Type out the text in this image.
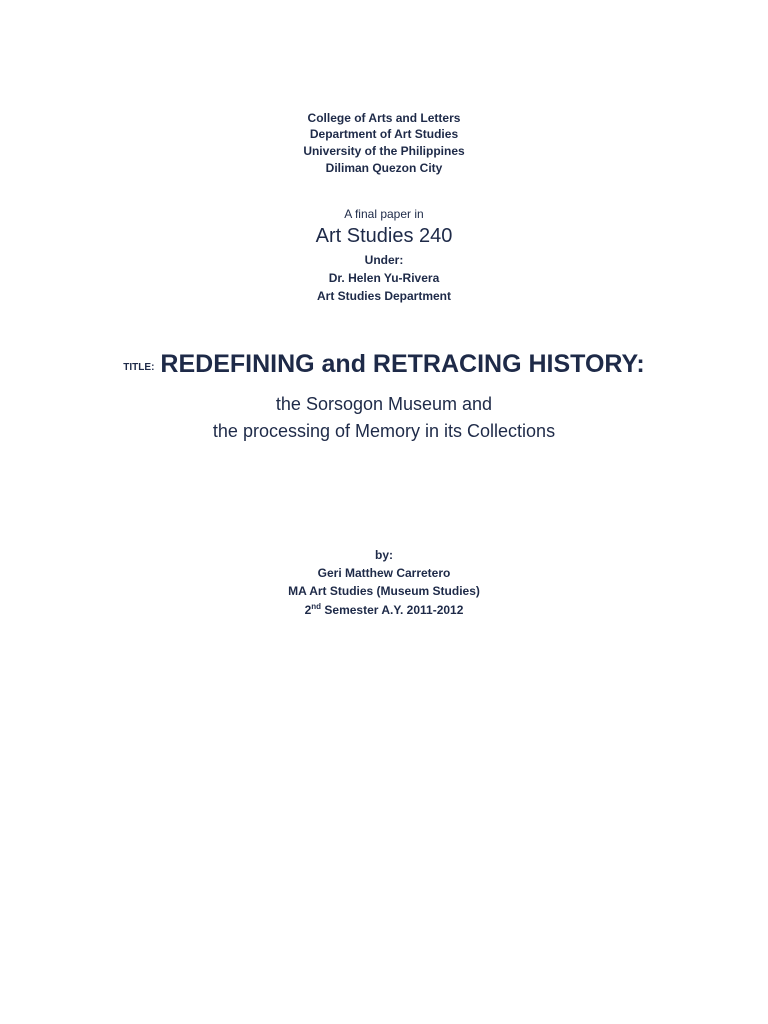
College of Arts and Letters
Department of Art Studies
University of the Philippines
Diliman Quezon City
A final paper in
Art Studies 240
Under:
Dr. Helen Yu-Rivera
Art Studies Department
TITLE: REDEFINING and RETRACING HISTORY:
the Sorsogon Museum and
the processing of Memory in its Collections
by:
Geri Matthew Carretero
MA Art Studies (Museum Studies)
2nd Semester A.Y. 2011-2012
